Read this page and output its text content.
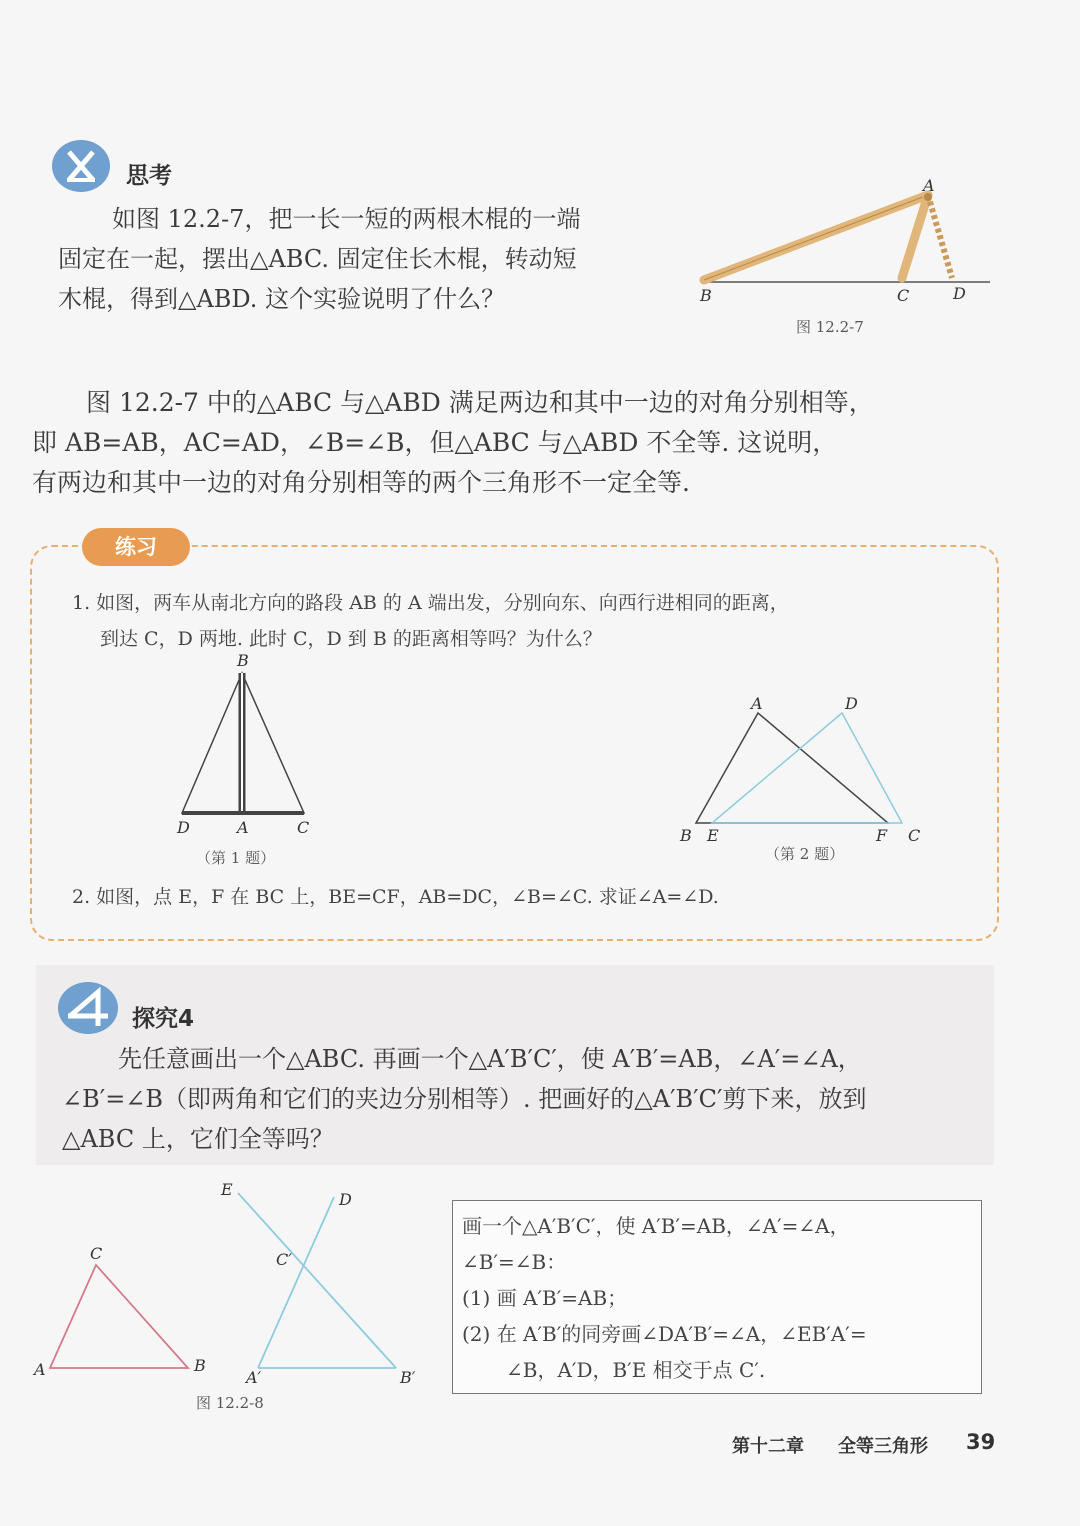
思考
如图 12.2-7，把一长一短的两根木棍的一端
固定在一起，摆出△ABC. 固定住长木棍，转动短
木棍，得到△ABD. 这个实验说明了什么？
A
B	C	D
图 12.2-7
图 12.2-7 中的△ABC 与△ABD 满足两边和其中一边的对角分别相等，
即 AB=AB，AC=AD，∠B=∠B，但△ABC 与△ABD 不全等. 这说明，
有两边和其中一边的对角分别相等的两个三角形不一定全等.
练习
1. 如图，两车从南北方向的路段 AB 的 A 端出发，分别向东、向西行进相同的距离，
到达 C，D 两地. 此时 C，D 到 B 的距离相等吗？为什么？
B
D	A	C
（第 1 题）
A	D
B E	F C
（第 2 题）
2. 如图，点 E，F 在 BC 上，BE=CF，AB=DC，∠B=∠C. 求证∠A=∠D.
探究4
先任意画出一个△ABC. 再画一个△A′B′C′，使 A′B′=AB，∠A′=∠A，
∠B′=∠B（即两角和它们的夹边分别相等）. 把画好的△A′B′C′剪下来，放到
△ABC 上，它们全等吗？
C
A	B
E
D
C′
A′	B′
图 12.2-8
画一个△A′B′C′，使 A′B′=AB，∠A′=∠A，
∠B′=∠B：
(1) 画 A′B′=AB；
(2) 在 A′B′的同旁画∠DA′B′=∠A，∠EB′A′=
∠B，A′D，B′E 相交于点 C′.
第十二章 全等三角形 39
